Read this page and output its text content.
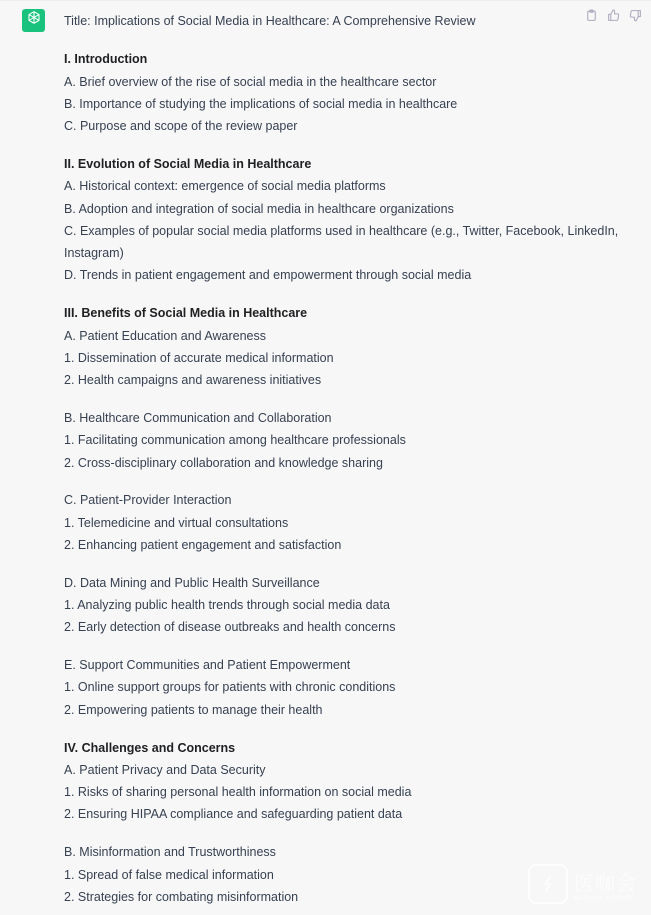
Title: Implications of Social Media in Healthcare: A Comprehensive Review
I. Introduction
A. Brief overview of the rise of social media in the healthcare sector
B. Importance of studying the implications of social media in healthcare
C. Purpose and scope of the review paper
II. Evolution of Social Media in Healthcare
A. Historical context: emergence of social media platforms
B. Adoption and integration of social media in healthcare organizations
C. Examples of popular social media platforms used in healthcare (e.g., Twitter, Facebook, LinkedIn, Instagram)
D. Trends in patient engagement and empowerment through social media
III. Benefits of Social Media in Healthcare
A. Patient Education and Awareness
1. Dissemination of accurate medical information
2. Health campaigns and awareness initiatives
B. Healthcare Communication and Collaboration
1. Facilitating communication among healthcare professionals
2. Cross-disciplinary collaboration and knowledge sharing
C. Patient-Provider Interaction
1. Telemedicine and virtual consultations
2. Enhancing patient engagement and satisfaction
D. Data Mining and Public Health Surveillance
1. Analyzing public health trends through social media data
2. Early detection of disease outbreaks and health concerns
E. Support Communities and Patient Empowerment
1. Online support groups for patients with chronic conditions
2. Empowering patients to manage their health
IV. Challenges and Concerns
A. Patient Privacy and Data Security
1. Risks of sharing personal health information on social media
2. Ensuring HIPAA compliance and safeguarding patient data
B. Misinformation and Trustworthiness
1. Spread of false medical information
2. Strategies for combating misinformation
医咖会
MEDICAL SCHOOL
